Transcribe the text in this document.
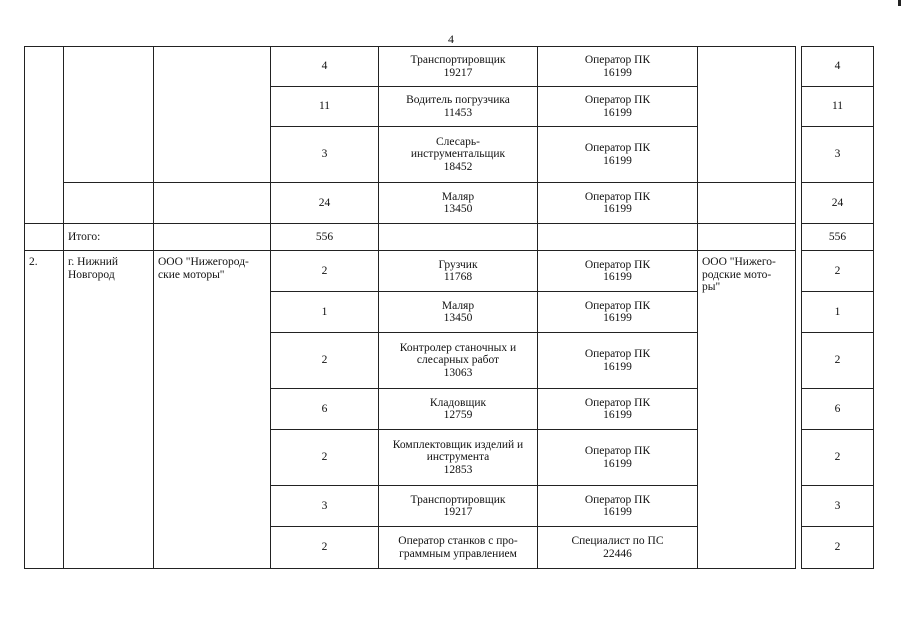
4
			4	Транспортировщик
19217	Оператор ПК
16199			4
			11	Водитель погрузчика
11453	Оператор ПК
16199			11
			3	Слесарь-
инструментальщик
18452	Оператор ПК
16199			3
			24	Маляр
13450	Оператор ПК
16199			24
	Итого:		556					556
2.	г. Нижний
Новгород	ООО "Нижегород-
ские моторы"	2	Грузчик
11768	Оператор ПК
16199	ООО "Нижего-
родские мото-
ры"		2
			1	Маляр
13450	Оператор ПК
16199			1
			2	Контролер станочных и
слесарных работ
13063	Оператор ПК
16199			2
			6	Кладовщик
12759	Оператор ПК
16199			6
			2	Комплектовщик изделий и
инструмента
12853	Оператор ПК
16199			2
			3	Транспортировщик
19217	Оператор ПК
16199			3
			2	Оператор станков с про-
граммным управлением	Специалист по ПС
22446			2
